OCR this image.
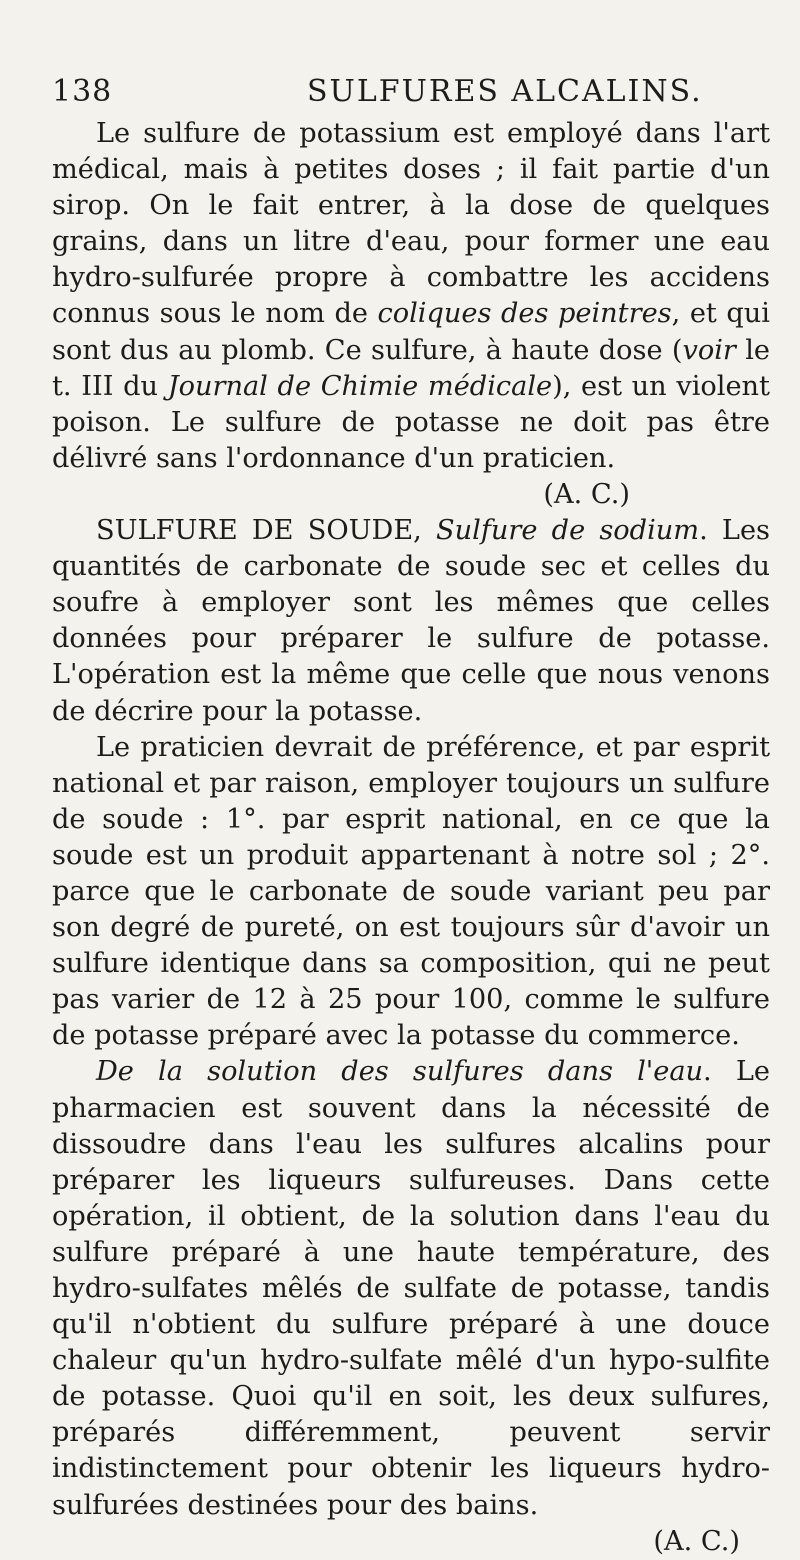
138	SULFURES ALCALINS.

Le sulfure de potassium est employé dans l'art médical, mais à petites doses ; il fait partie d'un sirop. On le fait entrer, à la dose de quelques grains, dans un litre d'eau, pour former une eau hydro-sulfurée propre à combattre les accidens connus sous le nom de coliques des peintres, et qui sont dus au plomb. Ce sulfure, à haute dose (voir le t. III du Journal de Chimie médicale), est un violent poison. Le sulfure de potasse ne doit pas être délivré sans l'ordonnance d'un praticien.

(A. C.)

SULFURE DE SOUDE, Sulfure de sodium. Les quantités de carbonate de soude sec et celles du soufre à employer sont les mêmes que celles données pour préparer le sulfure de potasse. L'opération est la même que celle que nous venons de décrire pour la potasse.

Le praticien devrait de préférence, et par esprit national et par raison, employer toujours un sulfure de soude : 1°. par esprit national, en ce que la soude est un produit appartenant à notre sol ; 2°. parce que le carbonate de soude variant peu par son degré de pureté, on est toujours sûr d'avoir un sulfure identique dans sa composition, qui ne peut pas varier de 12 à 25 pour 100, comme le sulfure de potasse préparé avec la potasse du commerce.

De la solution des sulfures dans l'eau. Le pharmacien est souvent dans la nécessité de dissoudre dans l'eau les sulfures alcalins pour préparer les liqueurs sulfureuses. Dans cette opération, il obtient, de la solution dans l'eau du sulfure préparé à une haute température, des hydro-sulfates mêlés de sulfate de potasse, tandis qu'il n'obtient du sulfure préparé à une douce chaleur qu'un hydro-sulfate mêlé d'un hypo-sulfite de potasse. Quoi qu'il en soit, les deux sulfures, préparés différemment, peuvent servir indistinctement pour obtenir les liqueurs hydro-sulfurées destinées pour des bains.

(A. C.)
